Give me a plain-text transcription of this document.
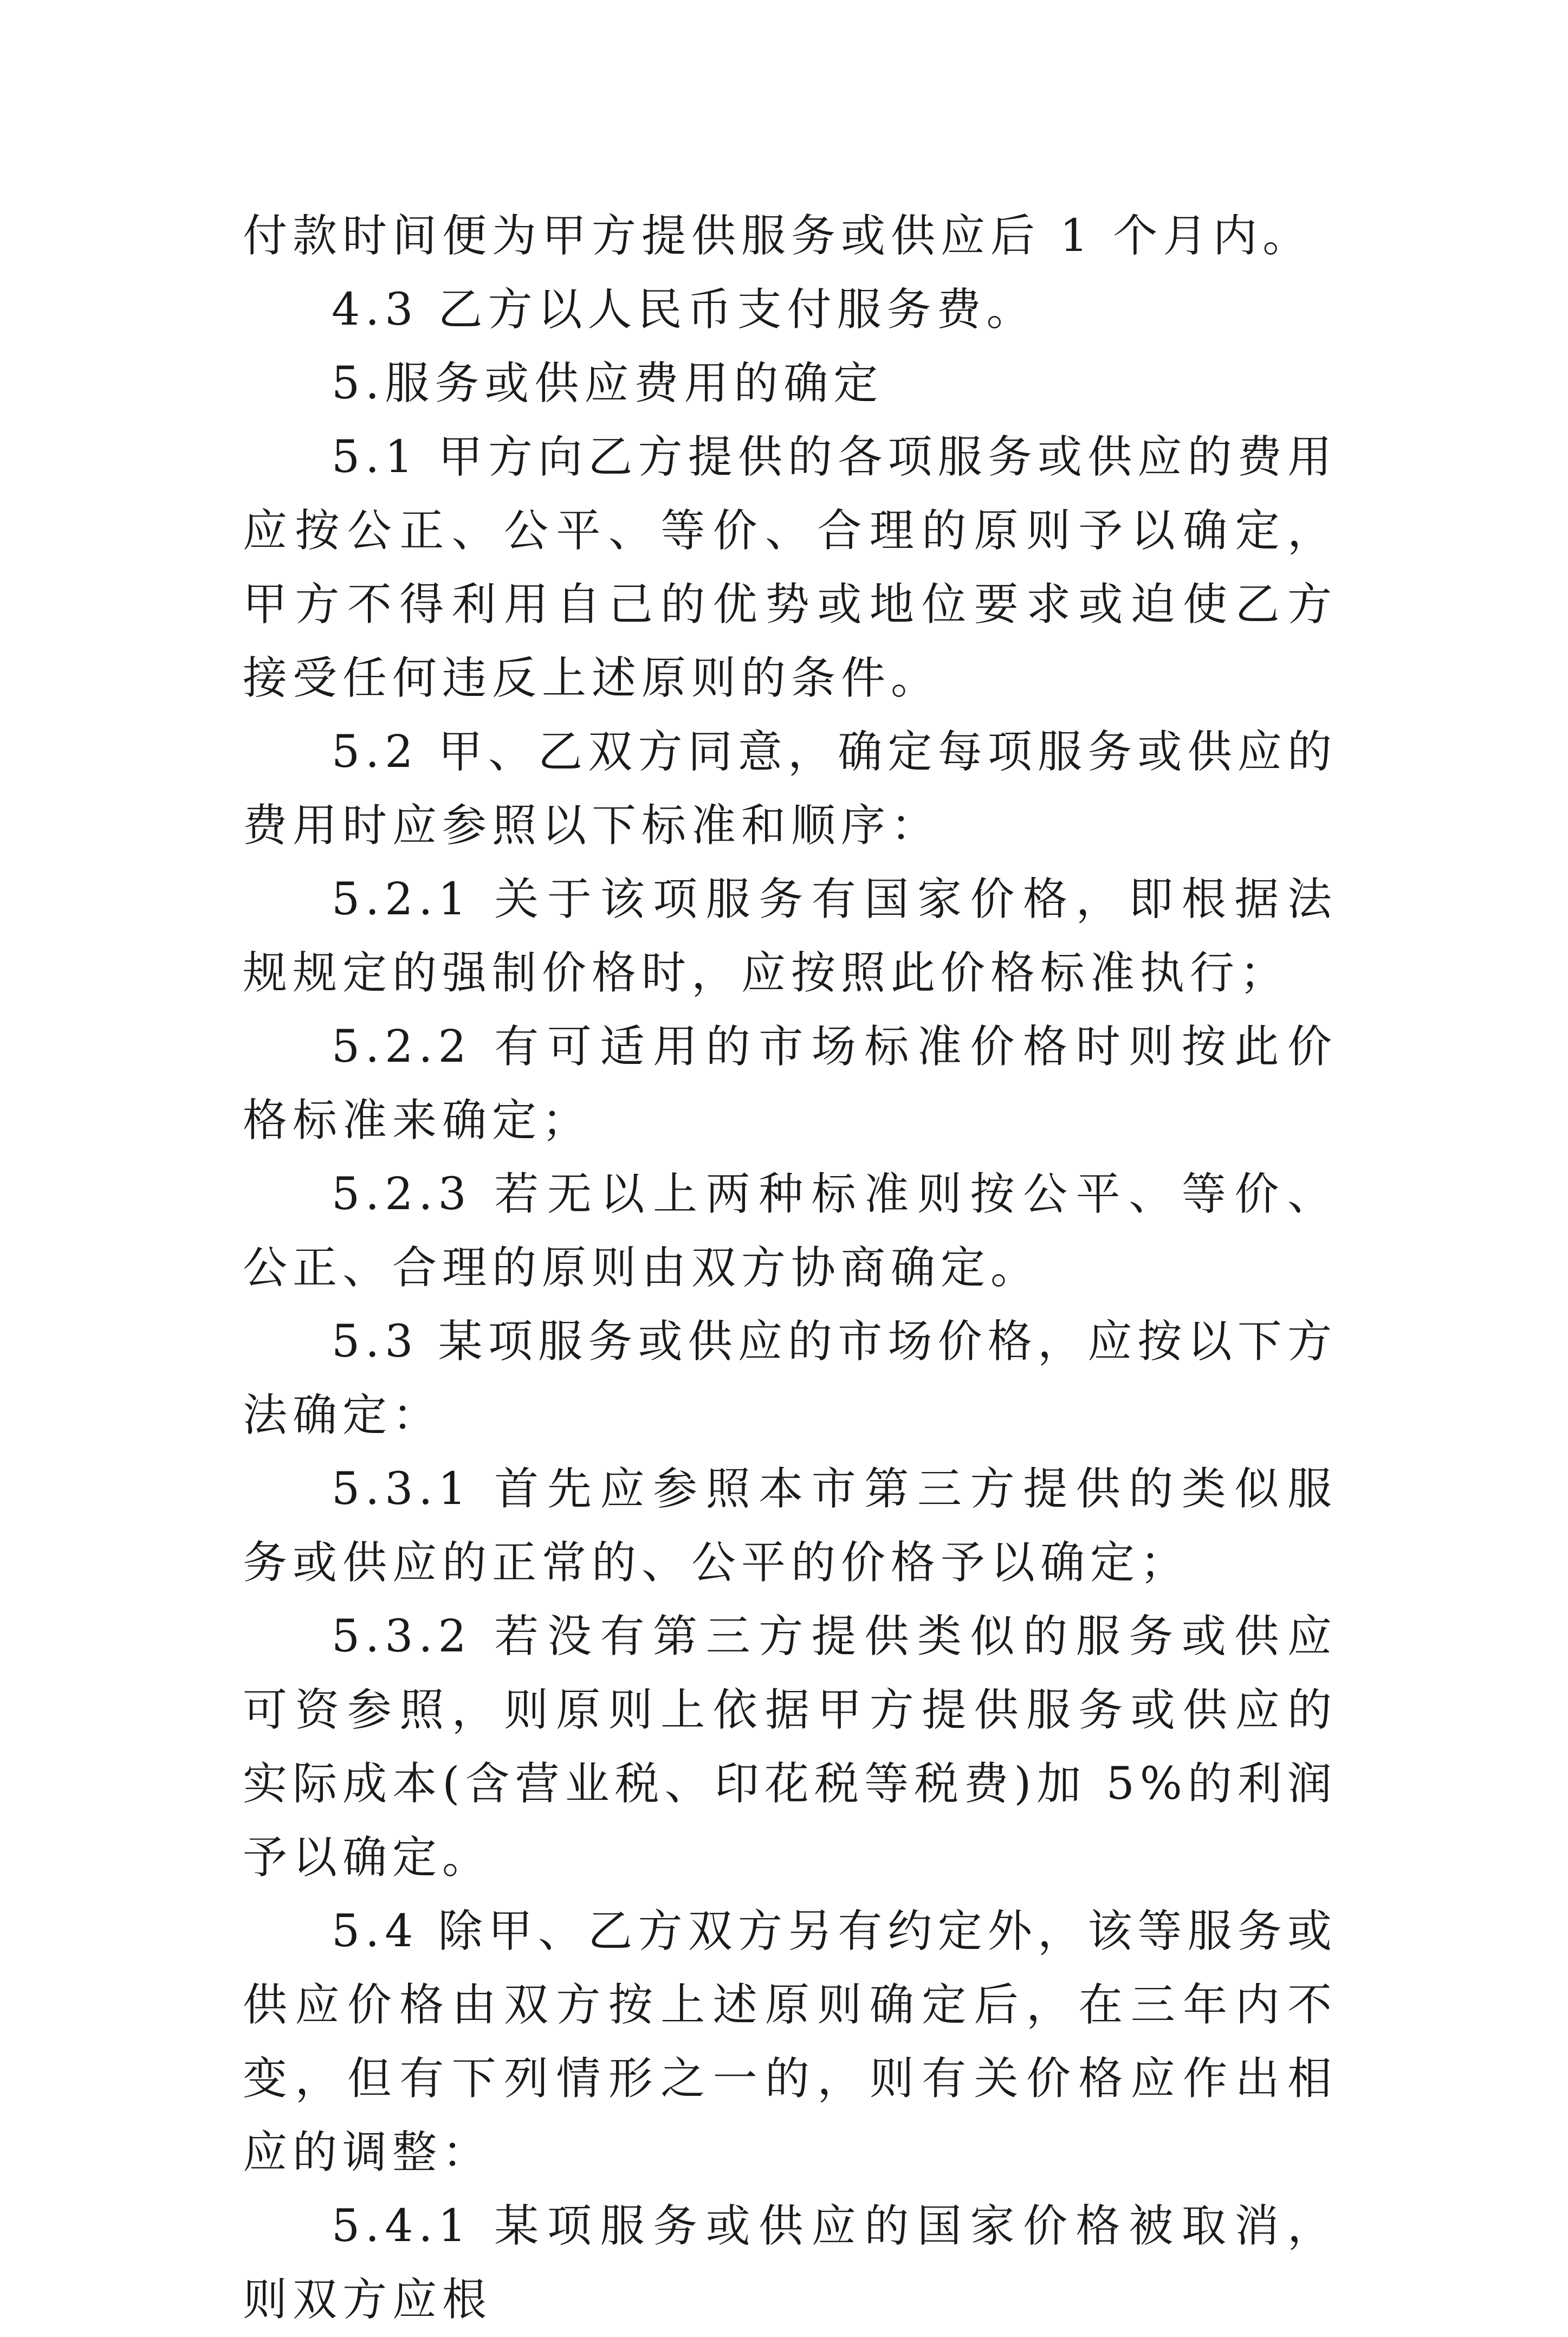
付款时间便为甲方提供服务或供应后 1 个月内。

4.3 乙方以人民币支付服务费。

5.服务或供应费用的确定

5.1 甲方向乙方提供的各项服务或供应的费用应按公正、公平、等价、合理的原则予以确定，甲方不得利用自己的优势或地位要求或迫使乙方接受任何违反上述原则的条件。

5.2 甲、乙双方同意，确定每项服务或供应的费用时应参照以下标准和顺序：

5.2.1 关于该项服务有国家价格，即根据法规规定的强制价格时，应按照此价格标准执行；

5.2.2 有可适用的市场标准价格时则按此价格标准来确定；

5.2.3 若无以上两种标准则按公平、等价、公正、合理的原则由双方协商确定。

5.3 某项服务或供应的市场价格，应按以下方法确定：

5.3.1 首先应参照本市第三方提供的类似服务或供应的正常的、公平的价格予以确定；

5.3.2 若没有第三方提供类似的服务或供应可资参照，则原则上依据甲方提供服务或供应的实际成本(含营业税、印花税等税费)加 5%的利润予以确定。

5.4 除甲、乙方双方另有约定外，该等服务或供应价格由双方按上述原则确定后，在三年内不变，但有下列情形之一的，则有关价格应作出相应的调整：

5.4.1 某项服务或供应的国家价格被取消，则双方应根
